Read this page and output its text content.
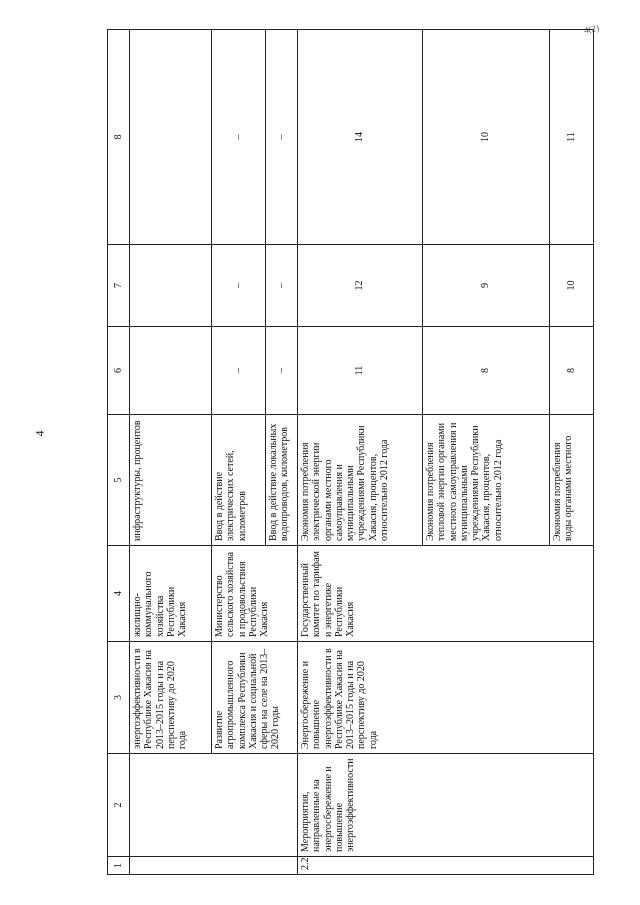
4
4(2)
1	2	3	4	5	6	7	8
		энергоэффективности в Республике Хакасия на 2013–2015 годы и на перспективу до 2020 года	жилищно-коммунального хозяйства Республики Хакасия	инфраструктуры, процентов			
		Развитие агропромышленного комплекса Республики Хакасия и социальной сферы на селе на 2013–2020 годы	Министерство сельского хозяйства и продовольствия Республики Хакасия	Ввод в действие электрических сетей, километров	–	–	–
				Ввод в действие локальных водопроводов, километров	–	–	–
2.2	Мероприятия, направленные на энергосбережение и повышение энергоэффективности	Энергосбережение и повышение энергоэффективности в Республике Хакасия на 2013–2015 годы и на перспективу до 2020 года	Государственный комитет по тарифам и энергетике Республики Хакасия	Экономия потребления электрической энергии органами местного самоуправления и муниципальными учреждениями Республики Хакасия, процентов, относительно 2012 года	11	12	14
				Экономия потребления тепловой энергии органами местного самоуправления и муниципальными учреждениями Республики Хакасия, процентов, относительно 2012 года	8	9	10
				Экономия потребления воды органами местного	8	10	11
